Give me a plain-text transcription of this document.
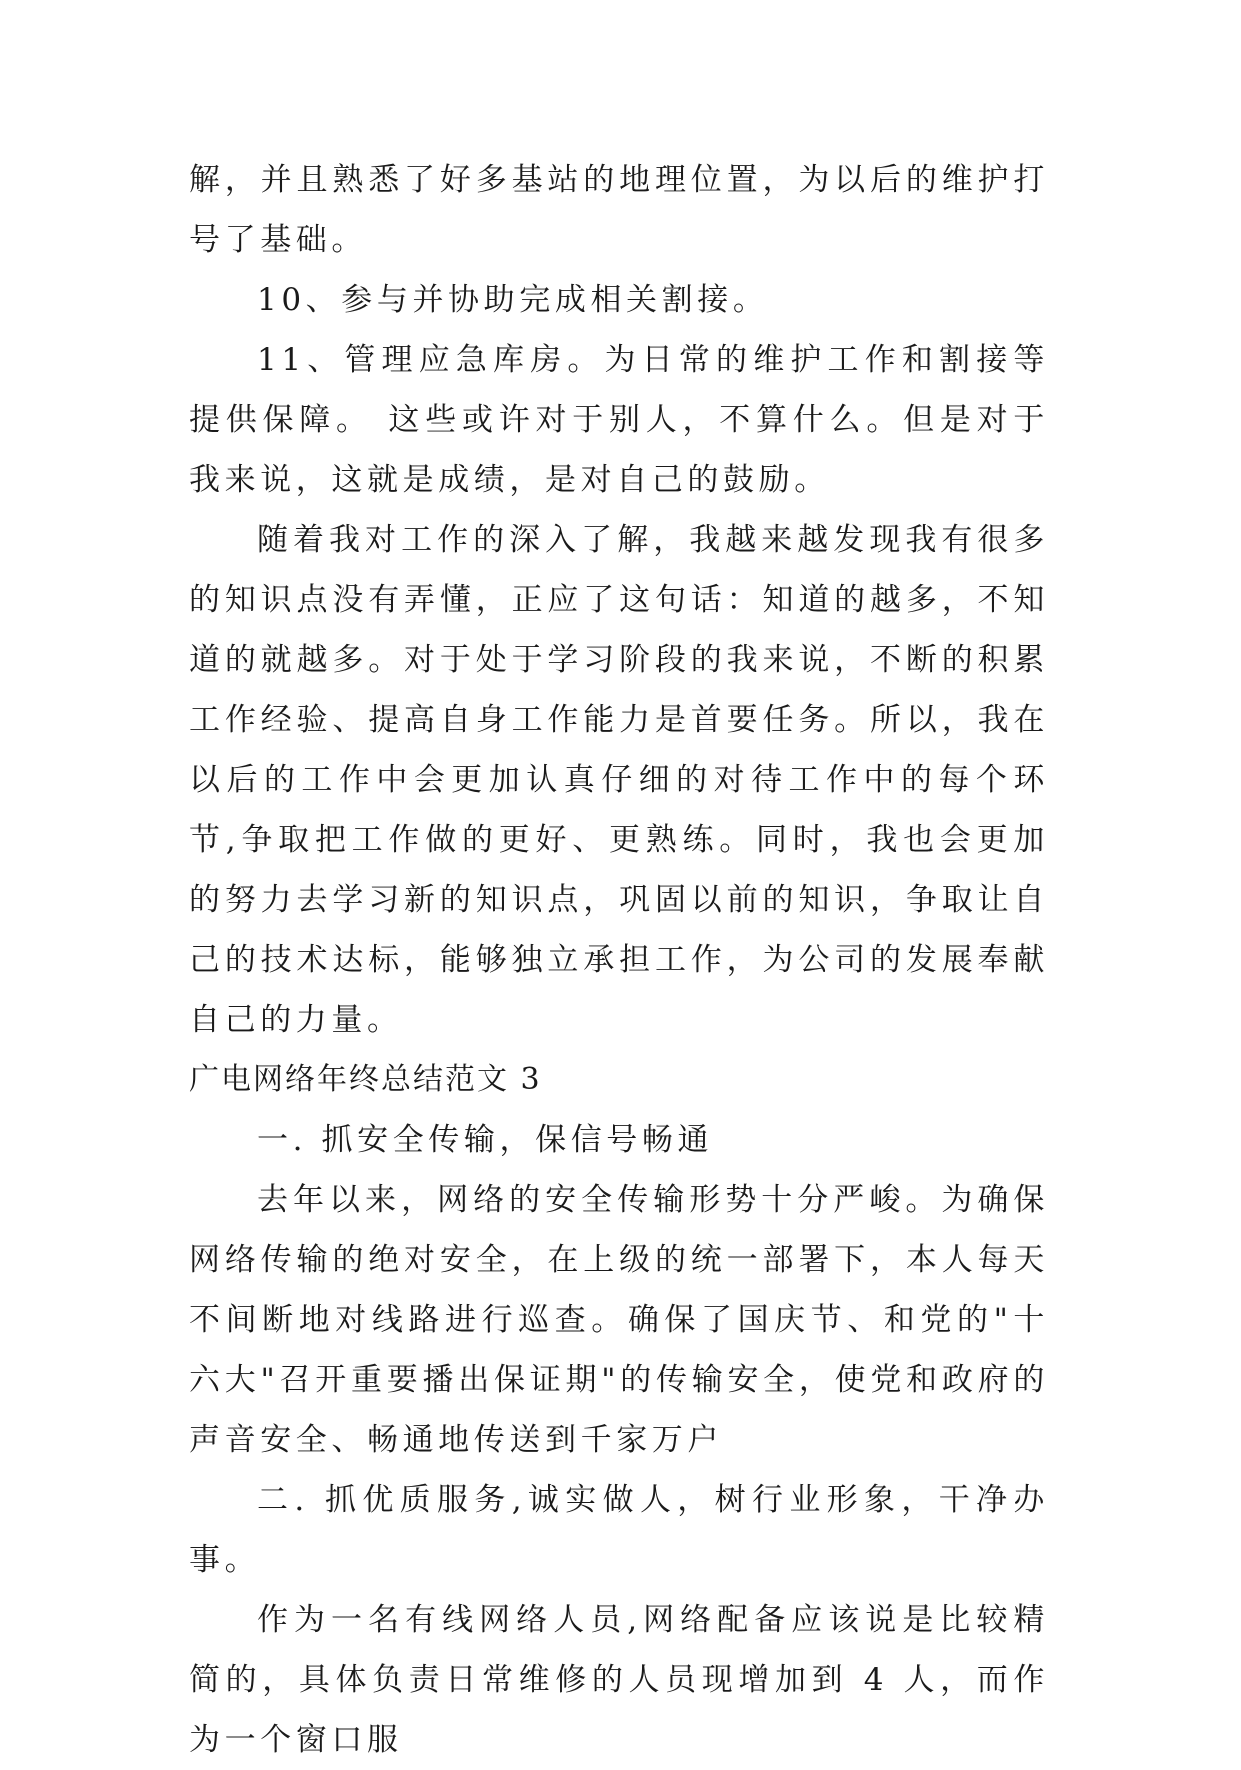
解，并且熟悉了好多基站的地理位置，为以后的维护打号了基础。

10、参与并协助完成相关割接。

11、管理应急库房。为日常的维护工作和割接等提供保障。 这些或许对于别人，不算什么。但是对于我来说，这就是成绩，是对自己的鼓励。

随着我对工作的深入了解，我越来越发现我有很多的知识点没有弄懂，正应了这句话：知道的越多，不知道的就越多。对于处于学习阶段的我来说，不断的积累工作经验、提高自身工作能力是首要任务。所以，我在以后的工作中会更加认真仔细的对待工作中的每个环节,争取把工作做的更好、更熟练。同时，我也会更加的努力去学习新的知识点，巩固以前的知识，争取让自己的技术达标，能够独立承担工作，为公司的发展奉献自己的力量。

广电网络年终总结范文 3

一. 抓安全传输，保信号畅通

去年以来，网络的安全传输形势十分严峻。为确保网络传输的绝对安全，在上级的统一部署下，本人每天不间断地对线路进行巡查。确保了国庆节、和党的"十六大"召开重要播出保证期"的传输安全，使党和政府的声音安全、畅通地传送到千家万户

二. 抓优质服务,诚实做人，树行业形象，干净办事。

作为一名有线网络人员,网络配备应该说是比较精简的，具体负责日常维修的人员现增加到 4 人，而作为一个窗口服
